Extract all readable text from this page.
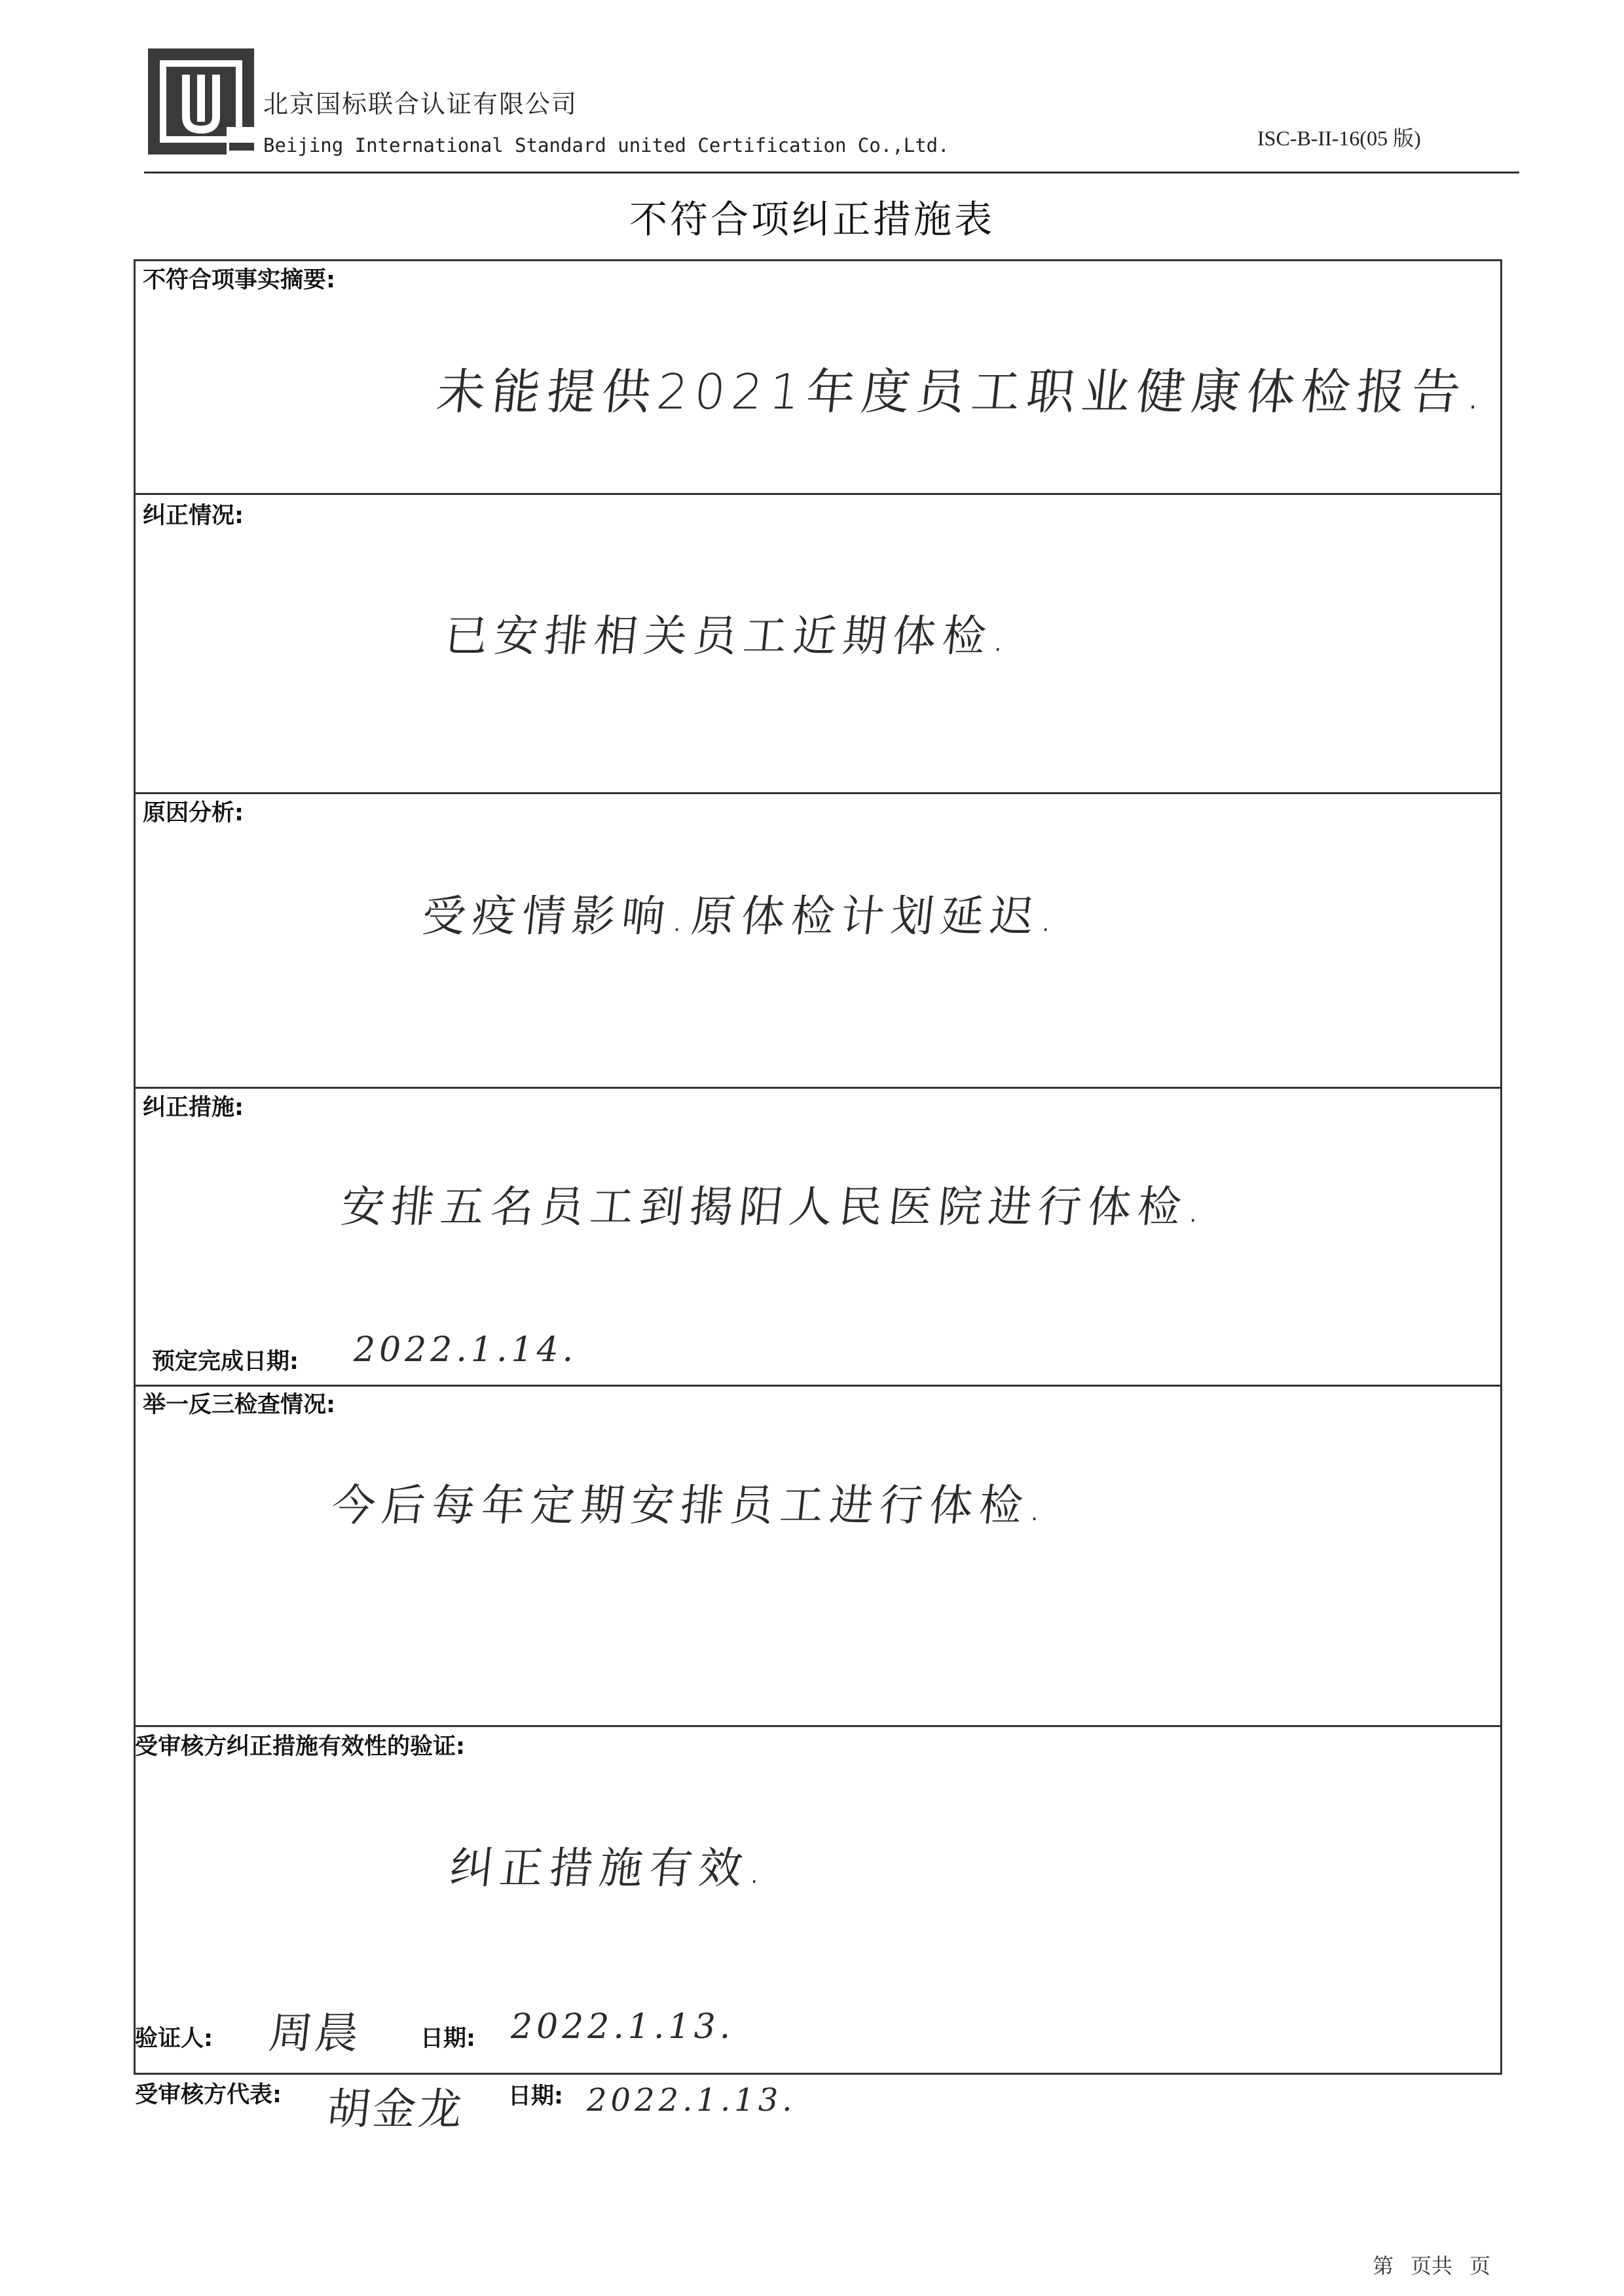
北京国标联合认证有限公司
Beijing International Standard united Certification Co.,Ltd.	ISC-B-II-16(05 版)
不符合项纠正措施表
不符合项事实摘要:
未能提供2021年度员工职业健康体检报告.
纠正情况:
已安排相关员工近期体检.
原因分析:
受疫情影响.原体检计划延迟.
纠正措施:
安排五名员工到揭阳人民医院进行体检.
预定完成日期: 2022.1.14.
举一反三检查情况:
今后每年定期安排员工进行体检.
受审核方纠正措施有效性的验证:
纠正措施有效.
验证人: 周晨 日期: 2022.1.13.
受审核方代表: 胡金龙 日期: 2022.1.13.
第 页共 页
